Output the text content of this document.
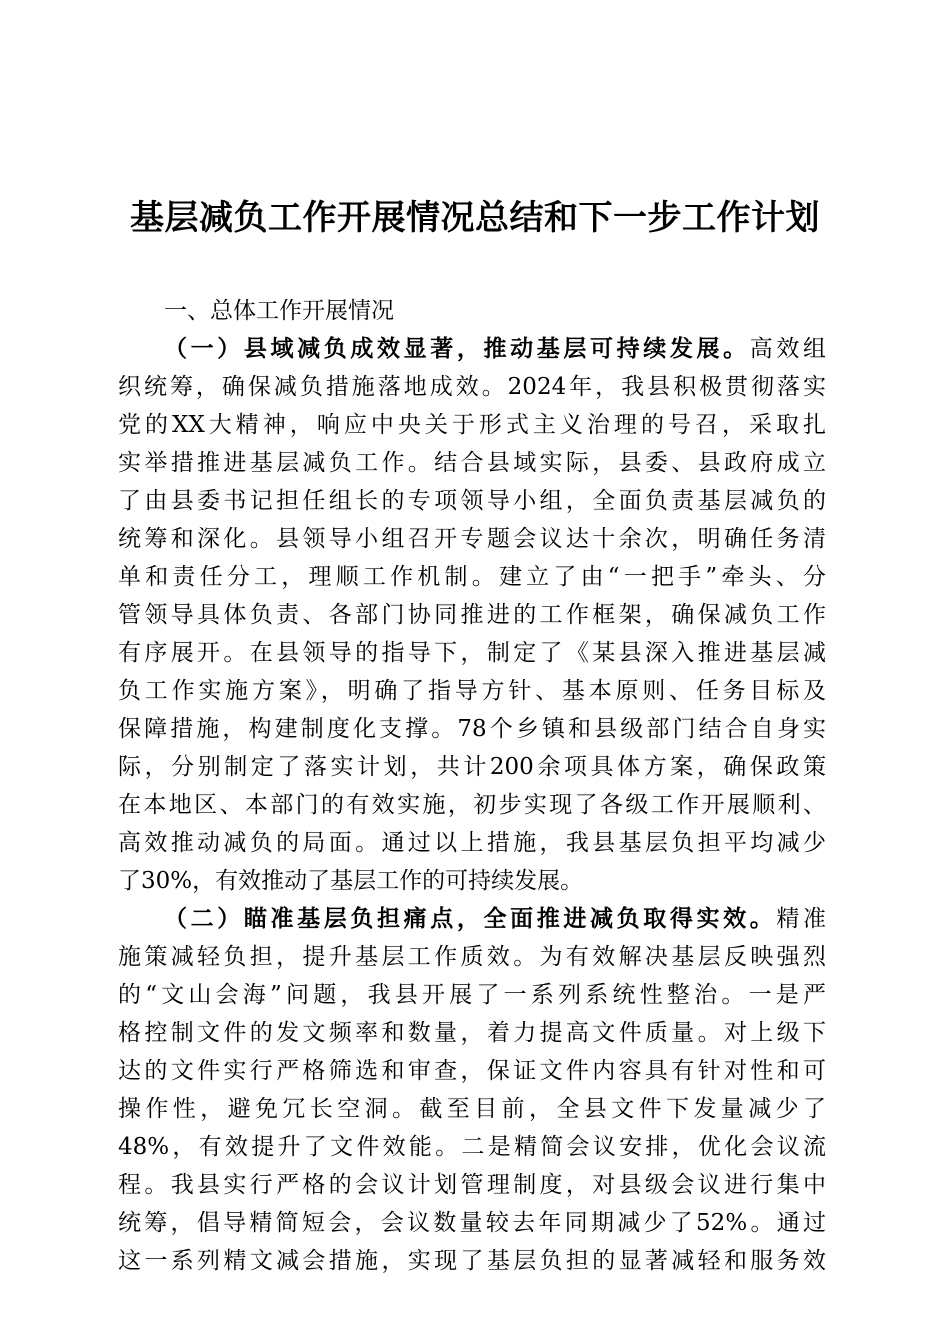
基层减负工作开展情况总结和下一步工作计划
一、总体工作开展情况
（一）县域减负成效显著，推动基层可持续发展。高效组
织统筹，确保减负措施落地成效。2024年，我县积极贯彻落实
党的XX大精神，响应中央关于形式主义治理的号召，采取扎
实举措推进基层减负工作。结合县域实际，县委、县政府成立
了由县委书记担任组长的专项领导小组，全面负责基层减负的
统筹和深化。县领导小组召开专题会议达十余次，明确任务清
单和责任分工，理顺工作机制。建立了由“一把手”牵头、分
管领导具体负责、各部门协同推进的工作框架，确保减负工作
有序展开。在县领导的指导下，制定了《某县深入推进基层减
负工作实施方案》，明确了指导方针、基本原则、任务目标及
保障措施，构建制度化支撑。78个乡镇和县级部门结合自身实
际，分别制定了落实计划，共计200余项具体方案，确保政策
在本地区、本部门的有效实施，初步实现了各级工作开展顺利、
高效推动减负的局面。通过以上措施，我县基层负担平均减少
了30%，有效推动了基层工作的可持续发展。
（二）瞄准基层负担痛点，全面推进减负取得实效。精准
施策减轻负担，提升基层工作质效。为有效解决基层反映强烈
的“文山会海”问题，我县开展了一系列系统性整治。一是严
格控制文件的发文频率和数量，着力提高文件质量。对上级下
达的文件实行严格筛选和审查，保证文件内容具有针对性和可
操作性，避免冗长空洞。截至目前，全县文件下发量减少了
48%，有效提升了文件效能。二是精简会议安排，优化会议流
程。我县实行严格的会议计划管理制度，对县级会议进行集中
统筹，倡导精简短会，会议数量较去年同期减少了52%。通过
这一系列精文减会措施，实现了基层负担的显著减轻和服务效
